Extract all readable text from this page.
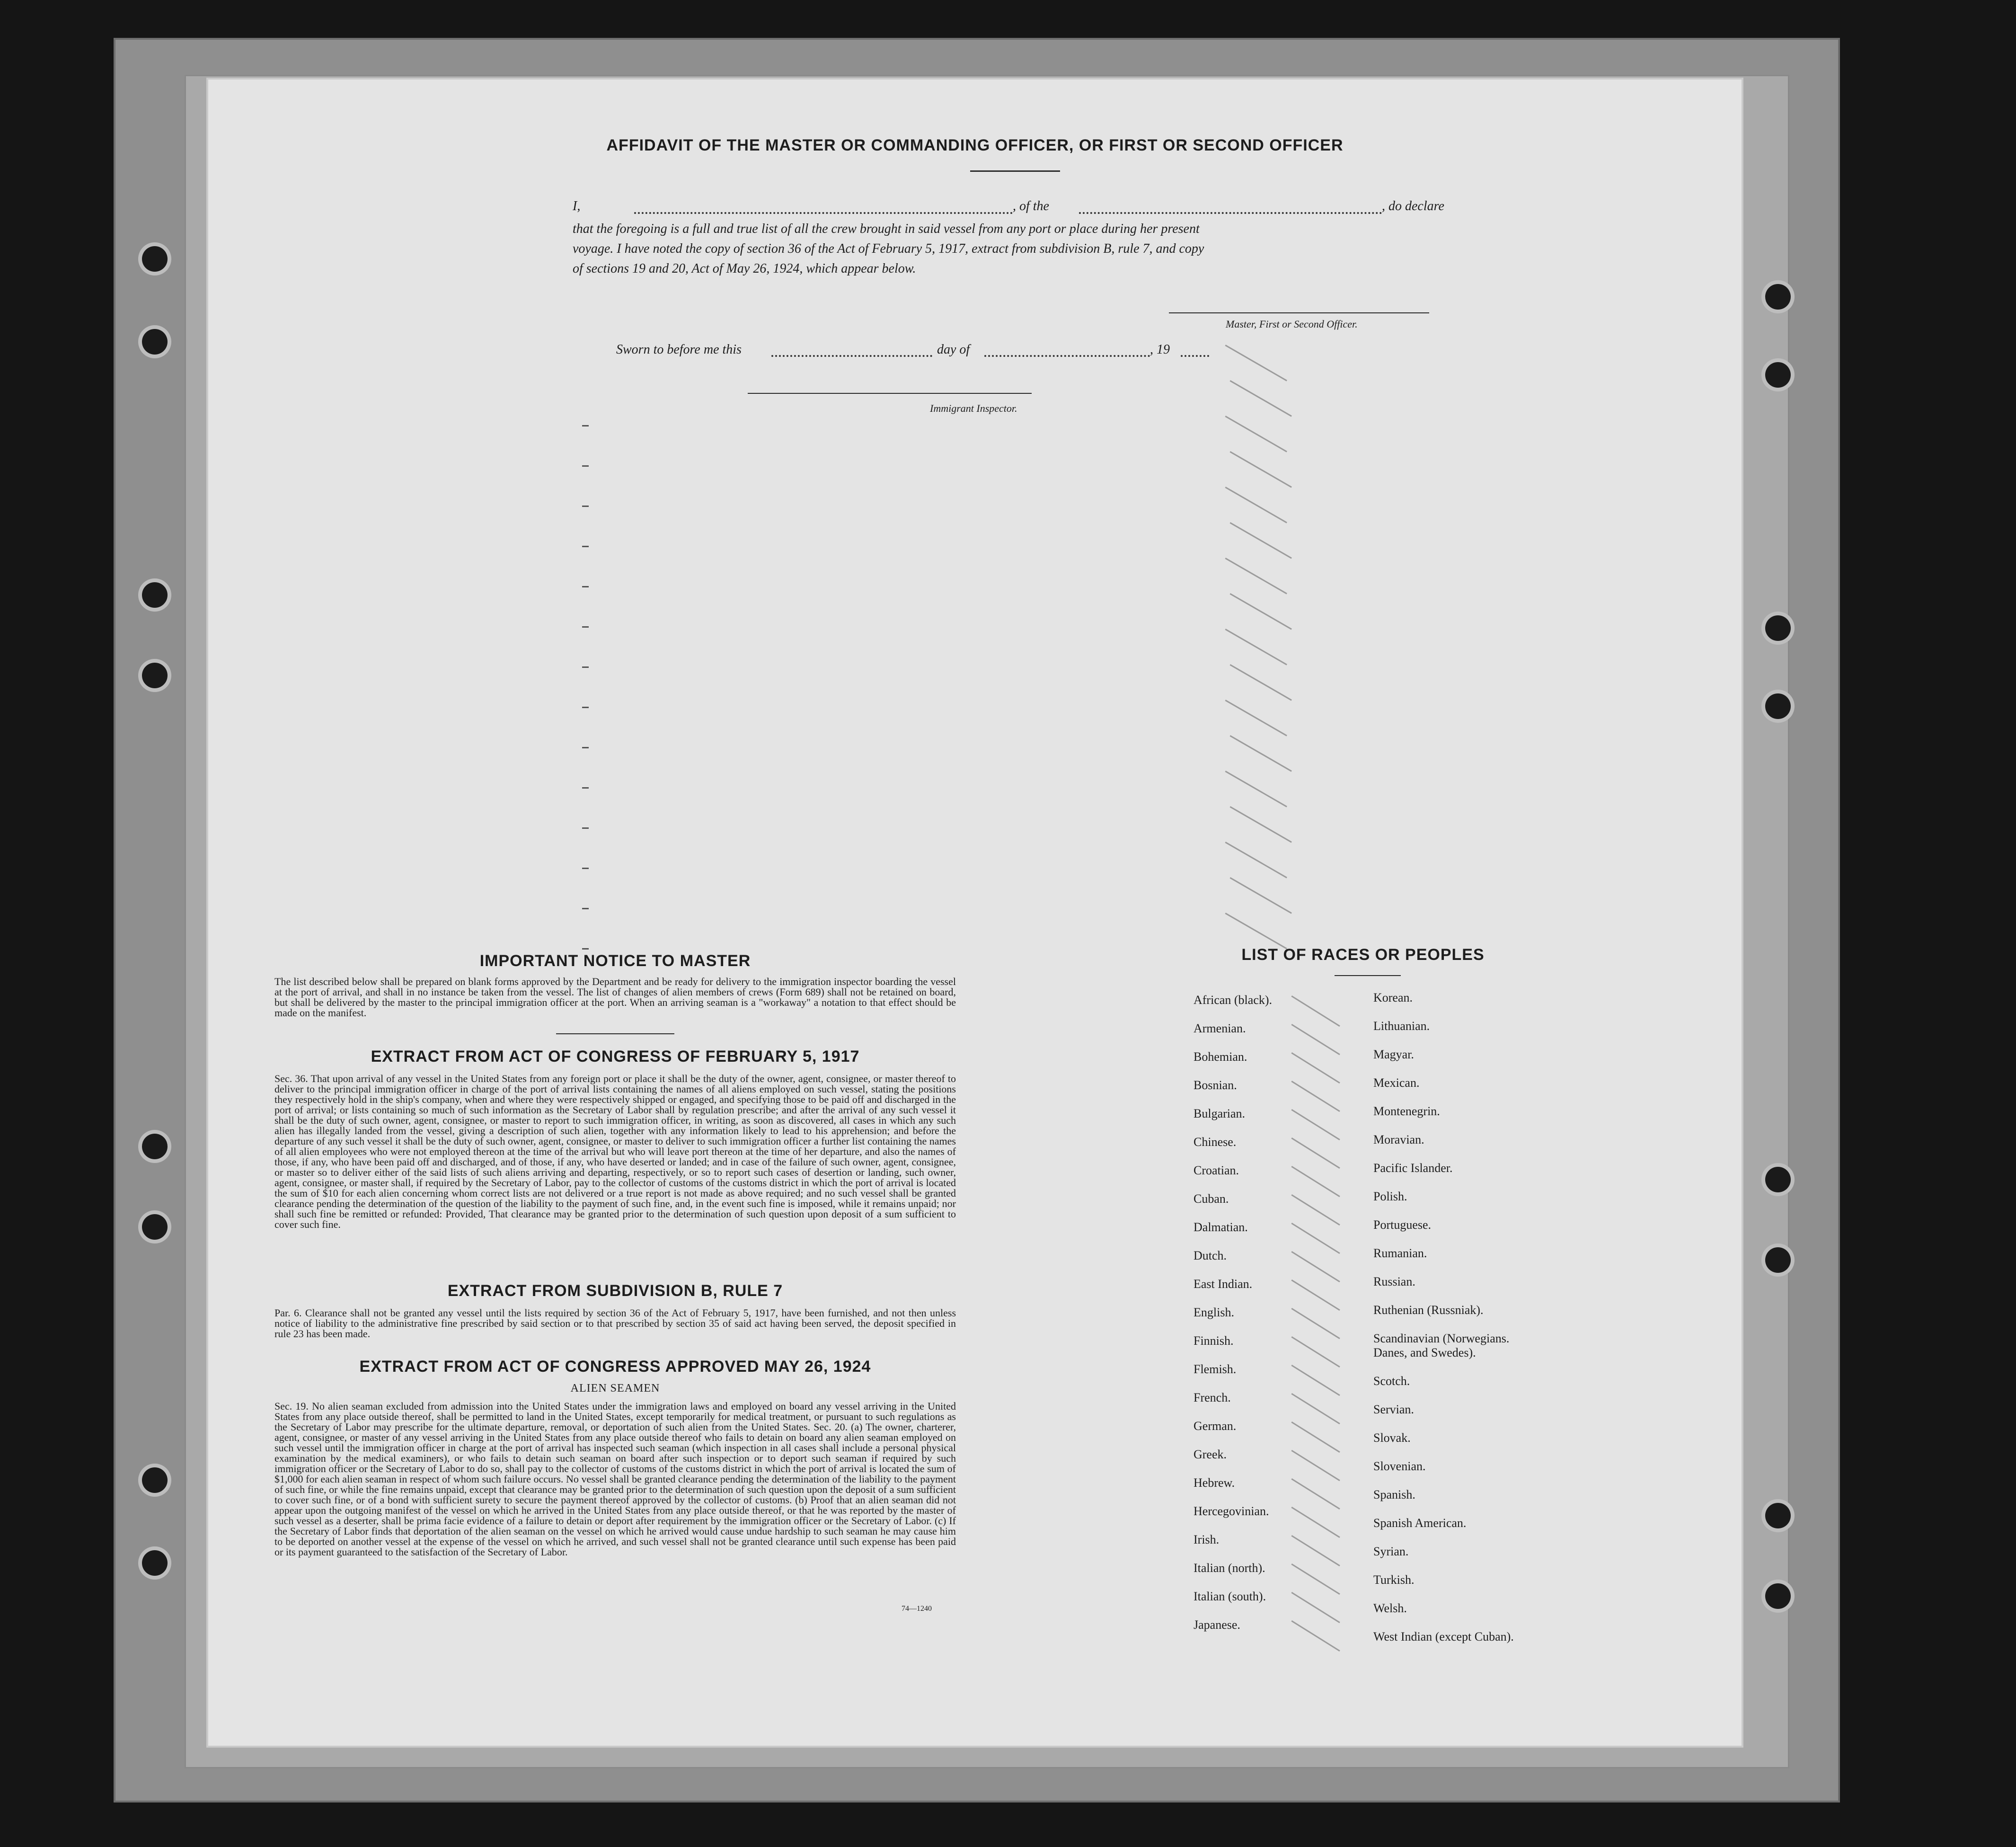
AFFIDAVIT OF THE MASTER OR COMMANDING OFFICER, OR FIRST OR SECOND OFFICER
I,	, of the	, do declare
that the foregoing is a full and true list of all the crew brought in said vessel from any port or place during her present
voyage. I have noted the copy of section 36 of the Act of February 5, 1917, extract from subdivision B, rule 7, and copy
of sections 19 and 20, Act of May 26, 1924, which appear below.
Master, First or Second Officer.
Sworn to before me this	day of	, 19
Immigrant Inspector.
IMPORTANT NOTICE TO MASTER
The list described below shall be prepared on blank forms approved by the Department and be ready for delivery to the immigration inspector boarding the vessel at the port of arrival, and shall in no instance be taken from the vessel. The list of changes of alien members of crews (Form 689) shall not be retained on board, but shall be delivered by the master to the principal immigration officer at the port. When an arriving seaman is a "workaway" a notation to that effect should be made on the manifest.
EXTRACT FROM ACT OF CONGRESS OF FEBRUARY 5, 1917
Sec. 36. That upon arrival of any vessel in the United States from any foreign port or place it shall be the duty of the owner, agent, consignee, or master thereof to deliver to the principal immigration officer in charge of the port of arrival lists containing the names of all aliens employed on such vessel, stating the positions they respectively hold in the ship's company, when and where they were respectively shipped or engaged, and specifying those to be paid off and discharged in the port of arrival; or lists containing so much of such information as the Secretary of Labor shall by regulation prescribe; and after the arrival of any such vessel it shall be the duty of such owner, agent, consignee, or master to report to such immigration officer, in writing, as soon as discovered, all cases in which any such alien has illegally landed from the vessel, giving a description of such alien, together with any information likely to lead to his apprehension; and before the departure of any such vessel it shall be the duty of such owner, agent, consignee, or master to deliver to such immigration officer a further list containing the names of all alien employees who were not employed thereon at the time of the arrival but who will leave port thereon at the time of her departure, and also the names of those, if any, who have been paid off and discharged, and of those, if any, who have deserted or landed; and in case of the failure of such owner, agent, consignee, or master so to deliver either of the said lists of such aliens arriving and departing, respectively, or so to report such cases of desertion or landing, such owner, agent, consignee, or master shall, if required by the Secretary of Labor, pay to the collector of customs of the customs district in which the port of arrival is located the sum of $10 for each alien concerning whom correct lists are not delivered or a true report is not made as above required; and no such vessel shall be granted clearance pending the determination of the question of the liability to the payment of such fine, and, in the event such fine is imposed, while it remains unpaid; nor shall such fine be remitted or refunded: Provided, That clearance may be granted prior to the determination of such question upon deposit of a sum sufficient to cover such fine.
EXTRACT FROM SUBDIVISION B, RULE 7
Par. 6. Clearance shall not be granted any vessel until the lists required by section 36 of the Act of February 5, 1917, have been furnished, and not then unless notice of liability to the administrative fine prescribed by said section or to that prescribed by section 35 of said act having been served, the deposit specified in rule 23 has been made.
EXTRACT FROM ACT OF CONGRESS APPROVED MAY 26, 1924
ALIEN SEAMEN
Sec. 19. No alien seaman excluded from admission into the United States under the immigration laws and employed on board any vessel arriving in the United States from any place outside thereof, shall be permitted to land in the United States, except temporarily for medical treatment, or pursuant to such regulations as the Secretary of Labor may prescribe for the ultimate departure, removal, or deportation of such alien from the United States. Sec. 20. (a) The owner, charterer, agent, consignee, or master of any vessel arriving in the United States from any place outside thereof who fails to detain on board any alien seaman employed on such vessel until the immigration officer in charge at the port of arrival has inspected such seaman (which inspection in all cases shall include a personal physical examination by the medical examiners), or who fails to detain such seaman on board after such inspection or to deport such seaman if required by such immigration officer or the Secretary of Labor to do so, shall pay to the collector of customs of the customs district in which the port of arrival is located the sum of $1,000 for each alien seaman in respect of whom such failure occurs. No vessel shall be granted clearance pending the determination of the liability to the payment of such fine, or while the fine remains unpaid, except that clearance may be granted prior to the determination of such question upon the deposit of a sum sufficient to cover such fine, or of a bond with sufficient surety to secure the payment thereof approved by the collector of customs. (b) Proof that an alien seaman did not appear upon the outgoing manifest of the vessel on which he arrived in the United States from any place outside thereof, or that he was reported by the master of such vessel as a deserter, shall be prima facie evidence of a failure to detain or deport after requirement by the immigration officer or the Secretary of Labor. (c) If the Secretary of Labor finds that deportation of the alien seaman on the vessel on which he arrived would cause undue hardship to such seaman he may cause him to be deported on another vessel at the expense of the vessel on which he arrived, and such vessel shall not be granted clearance until such expense has been paid or its payment guaranteed to the satisfaction of the Secretary of Labor.
74—1240
LIST OF RACES OR PEOPLES
African (black).
Armenian.
Bohemian.
Bosnian.
Bulgarian.
Chinese.
Croatian.
Cuban.
Dalmatian.
Dutch.
East Indian.
English.
Finnish.
Flemish.
French.
German.
Greek.
Hebrew.
Hercegovinian.
Irish.
Italian (north).
Italian (south).
Japanese.
Korean.
Lithuanian.
Magyar.
Mexican.
Montenegrin.
Moravian.
Pacific Islander.
Polish.
Portuguese.
Rumanian.
Russian.
Ruthenian (Russniak).
Scandinavian (Norwegians.
Danes, and Swedes).
Scotch.
Servian.
Slovak.
Slovenian.
Spanish.
Spanish American.
Syrian.
Turkish.
Welsh.
West Indian (except Cuban).
